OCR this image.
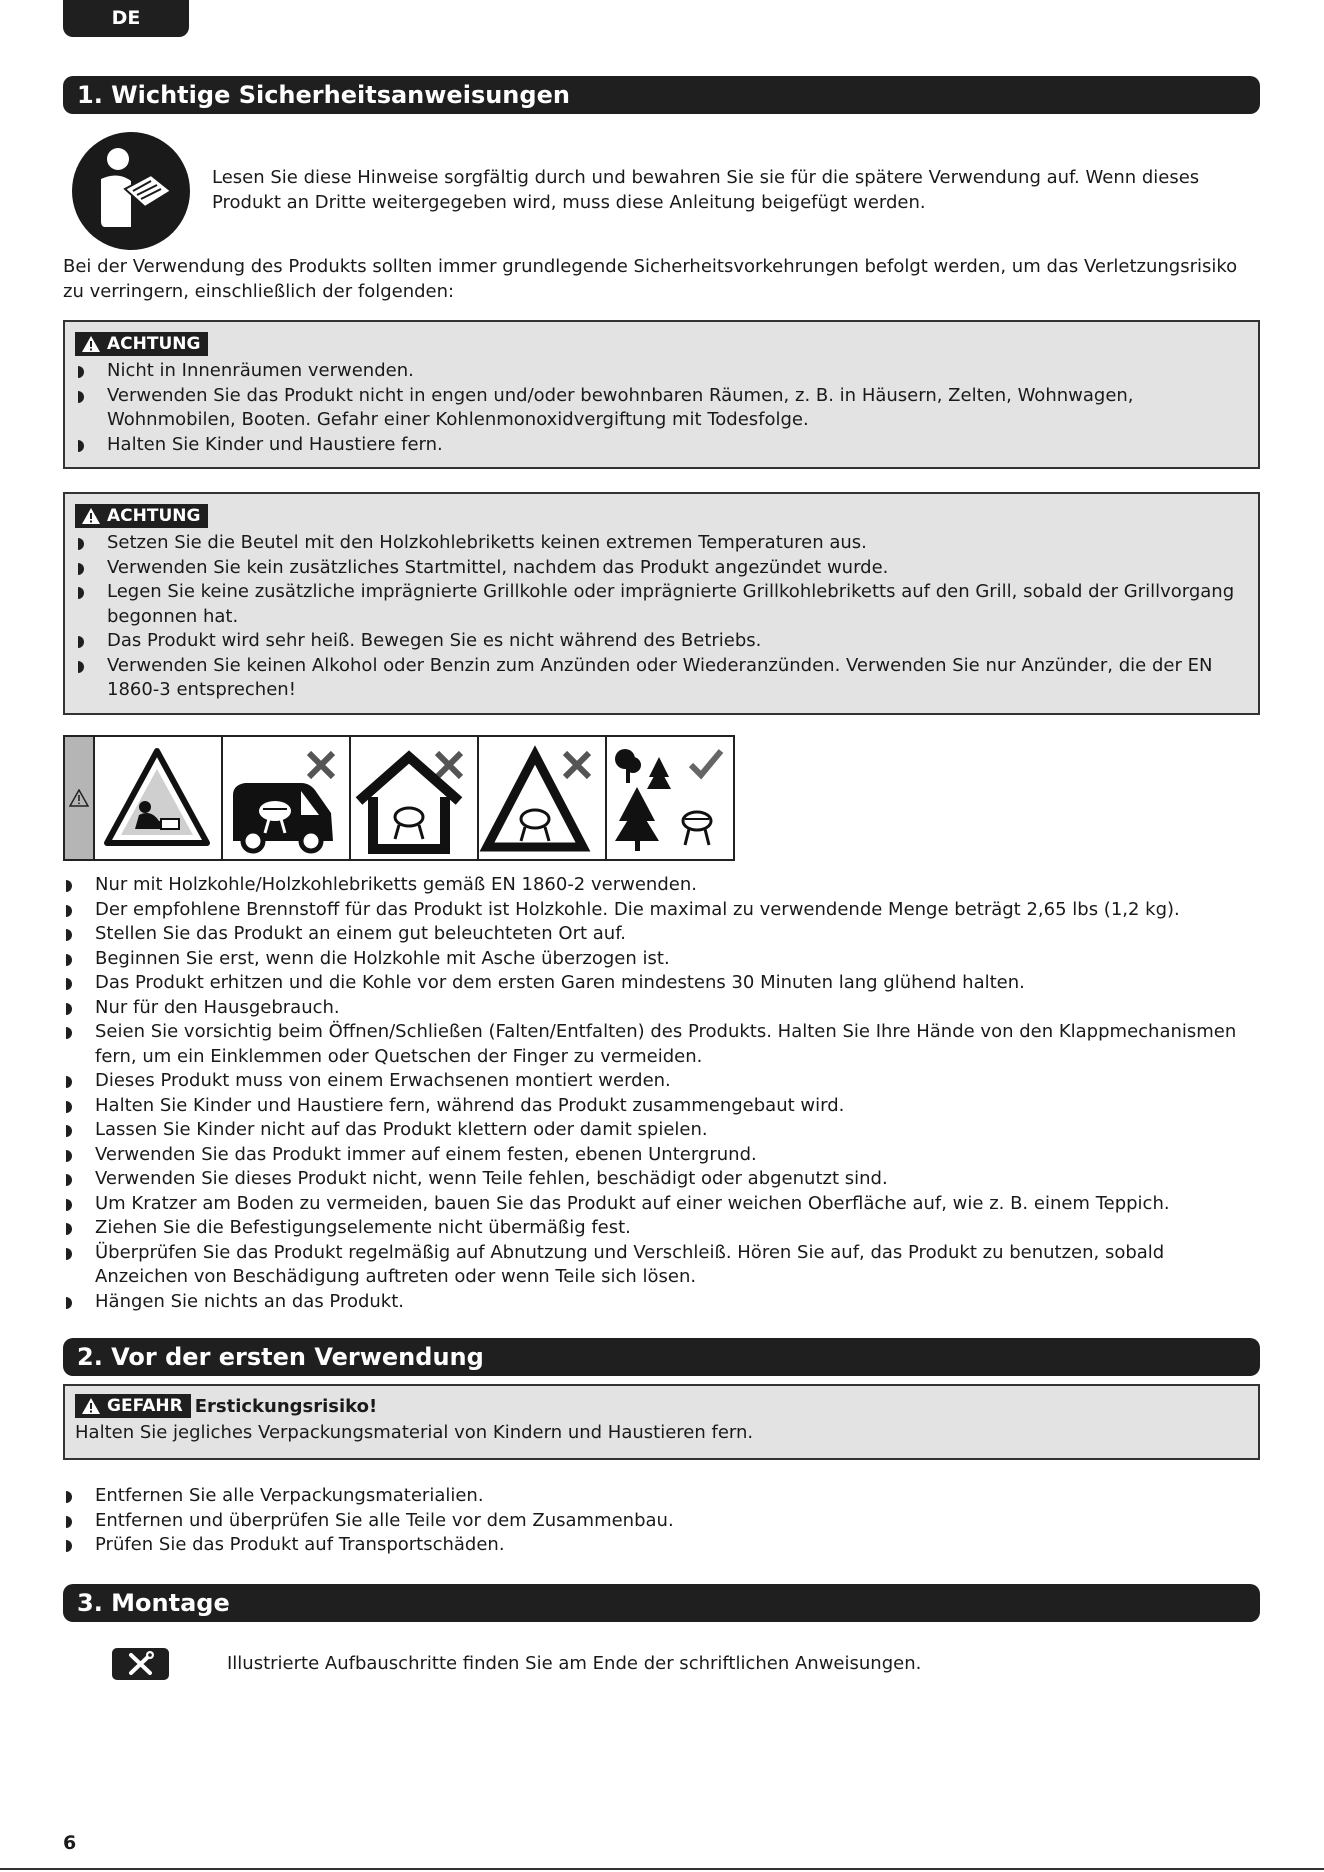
DE
1. Wichtige Sicherheitsanweisungen
Lesen Sie diese Hinweise sorgfältig durch und bewahren Sie sie für die spätere Verwendung auf. Wenn dieses
Produkt an Dritte weitergegeben wird, muss diese Anleitung beigefügt werden.
Bei der Verwendung des Produkts sollten immer grundlegende Sicherheitsvorkehrungen befolgt werden, um das Verletzungsrisiko
zu verringern, einschließlich der folgenden:
ACHTUNG
Nicht in Innenräumen verwenden.
Verwenden Sie das Produkt nicht in engen und/oder bewohnbaren Räumen, z. B. in Häusern, Zelten, Wohnwagen, Wohnmobilen, Booten. Gefahr einer Kohlenmonoxidvergiftung mit Todesfolge.
Halten Sie Kinder und Haustiere fern.
ACHTUNG
Setzen Sie die Beutel mit den Holzkohlebriketts keinen extremen Temperaturen aus.
Verwenden Sie kein zusätzliches Startmittel, nachdem das Produkt angezündet wurde.
Legen Sie keine zusätzliche imprägnierte Grillkohle oder imprägnierte Grillkohlebriketts auf den Grill, sobald der Grillvorgang begonnen hat.
Das Produkt wird sehr heiß. Bewegen Sie es nicht während des Betriebs.
Verwenden Sie keinen Alkohol oder Benzin zum Anzünden oder Wiederanzünden. Verwenden Sie nur Anzünder, die der EN 1860-3 entsprechen!
Nur mit Holzkohle/Holzkohlebriketts gemäß EN 1860-2 verwenden.
Der empfohlene Brennstoff für das Produkt ist Holzkohle. Die maximal zu verwendende Menge beträgt 2,65 lbs (1,2 kg).
Stellen Sie das Produkt an einem gut beleuchteten Ort auf.
Beginnen Sie erst, wenn die Holzkohle mit Asche überzogen ist.
Das Produkt erhitzen und die Kohle vor dem ersten Garen mindestens 30 Minuten lang glühend halten.
Nur für den Hausgebrauch.
Seien Sie vorsichtig beim Öffnen/Schließen (Falten/Entfalten) des Produkts. Halten Sie Ihre Hände von den Klappmechanismen fern, um ein Einklemmen oder Quetschen der Finger zu vermeiden.
Dieses Produkt muss von einem Erwachsenen montiert werden.
Halten Sie Kinder und Haustiere fern, während das Produkt zusammengebaut wird.
Lassen Sie Kinder nicht auf das Produkt klettern oder damit spielen.
Verwenden Sie das Produkt immer auf einem festen, ebenen Untergrund.
Verwenden Sie dieses Produkt nicht, wenn Teile fehlen, beschädigt oder abgenutzt sind.
Um Kratzer am Boden zu vermeiden, bauen Sie das Produkt auf einer weichen Oberfläche auf, wie z. B. einem Teppich.
Ziehen Sie die Befestigungselemente nicht übermäßig fest.
Überprüfen Sie das Produkt regelmäßig auf Abnutzung und Verschleiß. Hören Sie auf, das Produkt zu benutzen, sobald Anzeichen von Beschädigung auftreten oder wenn Teile sich lösen.
Hängen Sie nichts an das Produkt.
2. Vor der ersten Verwendung
GEFAHR Erstickungsrisiko!
Halten Sie jegliches Verpackungsmaterial von Kindern und Haustieren fern.
Entfernen Sie alle Verpackungsmaterialien.
Entfernen und überprüfen Sie alle Teile vor dem Zusammenbau.
Prüfen Sie das Produkt auf Transportschäden.
3. Montage
Illustrierte Aufbauschritte finden Sie am Ende der schriftlichen Anweisungen.
6
